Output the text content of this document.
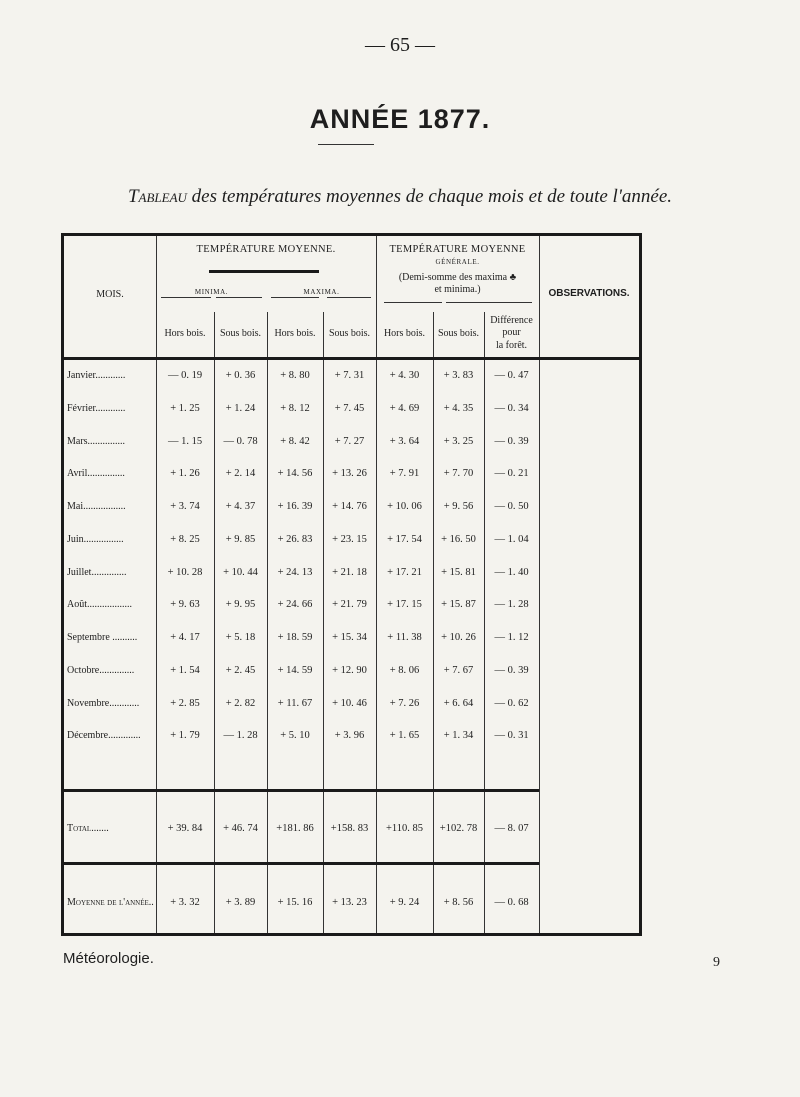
— 65 —
ANNÉE 1877.
Tableau des températures moyennes de chaque mois et de toute l'année.
MOIS.
TEMPÉRATURE MOYENNE.
MINIMA.	MAXIMA.
TEMPÉRATURE MOYENNE
GÉNÉRALE.
(Demi-somme des maxima ♣
et minima.)	OBSERVATIONS.
Hors bois.	Sous bois.	Hors bois.	Sous bois.	Hors bois.	Sous bois.
Différence
pour
la forêt.
Janvier............	— 0. 19	+ 0. 36	+ 8. 80	+ 7. 31	+ 4. 30	+ 3. 83	— 0. 47
Février............	+ 1. 25	+ 1. 24	+ 8. 12	+ 7. 45	+ 4. 69	+ 4. 35	— 0. 34
Mars...............	— 1. 15	— 0. 78	+ 8. 42	+ 7. 27	+ 3. 64	+ 3. 25	— 0. 39
Avril...............	+ 1. 26	+ 2. 14	+ 14. 56	+ 13. 26	+ 7. 91	+ 7. 70	— 0. 21
Mai.................	+ 3. 74	+ 4. 37	+ 16. 39	+ 14. 76	+ 10. 06	+ 9. 56	— 0. 50
Juin................	+ 8. 25	+ 9. 85	+ 26. 83	+ 23. 15	+ 17. 54	+ 16. 50	— 1. 04
Juillet..............	+ 10. 28	+ 10. 44	+ 24. 13	+ 21. 18	+ 17. 21	+ 15. 81	— 1. 40
Août..................	+ 9. 63	+ 9. 95	+ 24. 66	+ 21. 79	+ 17. 15	+ 15. 87	— 1. 28
Septembre ..........	+ 4. 17	+ 5. 18	+ 18. 59	+ 15. 34	+ 11. 38	+ 10. 26	— 1. 12
Octobre..............	+ 1. 54	+ 2. 45	+ 14. 59	+ 12. 90	+ 8. 06	+ 7. 67	— 0. 39
Novembre............	+ 2. 85	+ 2. 82	+ 11. 67	+ 10. 46	+ 7. 26	+ 6. 64	— 0. 62
Décembre.............	+ 1. 79	— 1. 28	+ 5. 10	+ 3. 96	+ 1. 65	+ 1. 34	— 0. 31
Total.......	+ 39. 84	+ 46. 74	+181. 86	+158. 83	+110. 85	+102. 78	— 8. 07
Moyenne de l'année..	+ 3. 32	+ 3. 89	+ 15. 16	+ 13. 23	+ 9. 24	+ 8. 56	— 0. 68
Météorologie.	9
